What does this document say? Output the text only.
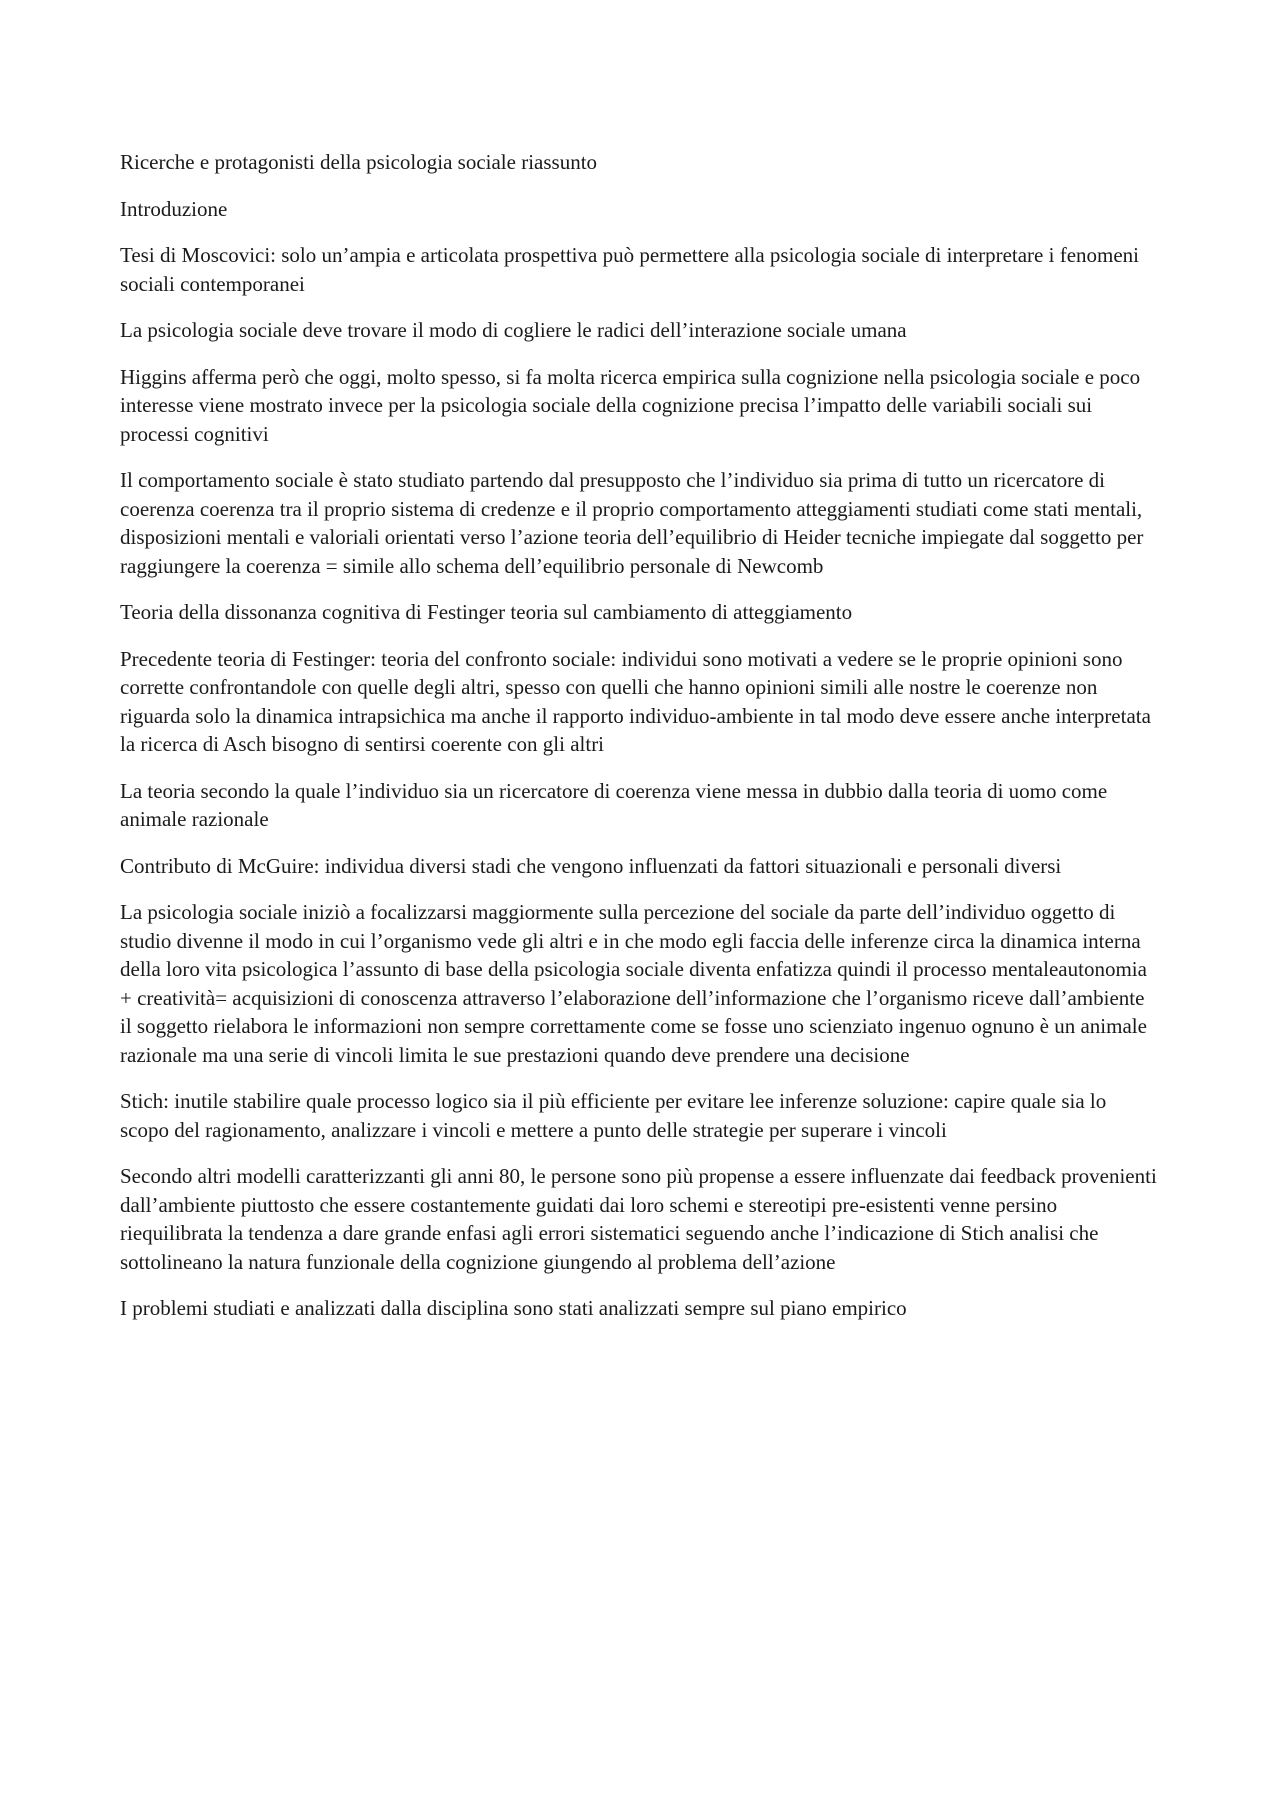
Ricerche e protagonisti della psicologia sociale riassunto

Introduzione

Tesi di Moscovici: solo un’ampia e articolata prospettiva può permettere alla psicologia sociale di interpretare i fenomeni sociali contemporanei

La psicologia sociale deve trovare il modo di cogliere le radici dell’interazione sociale umana

Higgins afferma però che oggi, molto spesso, si fa molta ricerca empirica sulla cognizione nella psicologia sociale e poco interesse viene mostrato invece per la psicologia sociale della cognizione precisa l’impatto delle variabili sociali sui processi cognitivi

Il comportamento sociale è stato studiato partendo dal presupposto che l’individuo sia prima di tutto un ricercatore di coerenza coerenza tra il proprio sistema di credenze e il proprio comportamento atteggiamenti studiati come stati mentali, disposizioni mentali e valoriali orientati verso l’azione teoria dell’equilibrio di Heider tecniche impiegate dal soggetto per raggiungere la coerenza = simile allo schema dell’equilibrio personale di Newcomb

Teoria della dissonanza cognitiva di Festinger teoria sul cambiamento di atteggiamento

Precedente teoria di Festinger: teoria del confronto sociale: individui sono motivati a vedere se le proprie opinioni sono corrette confrontandole con quelle degli altri, spesso con quelli che hanno opinioni simili alle nostre le coerenze non riguarda solo la dinamica intrapsichica ma anche il rapporto individuo-ambiente in tal modo deve essere anche interpretata la ricerca di Asch bisogno di sentirsi coerente con gli altri

La teoria secondo la quale l’individuo sia un ricercatore di coerenza viene messa in dubbio dalla teoria di uomo come animale razionale

Contributo di McGuire: individua diversi stadi che vengono influenzati da fattori situazionali e personali diversi

La psicologia sociale iniziò a focalizzarsi maggiormente sulla percezione del sociale da parte dell’individuo oggetto di studio divenne il modo in cui l’organismo vede gli altri e in che modo egli faccia delle inferenze circa la dinamica interna della loro vita psicologica l’assunto di base della psicologia sociale diventa enfatizza quindi il processo mentaleautonomia + creatività= acquisizioni di conoscenza attraverso l’elaborazione dell’informazione che l’organismo riceve dall’ambiente il soggetto rielabora le informazioni non sempre correttamente come se fosse uno scienziato ingenuo ognuno è un animale razionale ma una serie di vincoli limita le sue prestazioni quando deve prendere una decisione

Stich: inutile stabilire quale processo logico sia il più efficiente per evitare lee inferenze soluzione: capire quale sia lo scopo del ragionamento, analizzare i vincoli e mettere a punto delle strategie per superare i vincoli

Secondo altri modelli caratterizzanti gli anni 80, le persone sono più propense a essere influenzate dai feedback provenienti dall’ambiente piuttosto che essere costantemente guidati dai loro schemi e stereotipi pre-esistenti venne persino riequilibrata la tendenza a dare grande enfasi agli errori sistematici seguendo anche l’indicazione di Stich analisi che sottolineano la natura funzionale della cognizione giungendo al problema dell’azione

I problemi studiati e analizzati dalla disciplina sono stati analizzati sempre sul piano empirico
